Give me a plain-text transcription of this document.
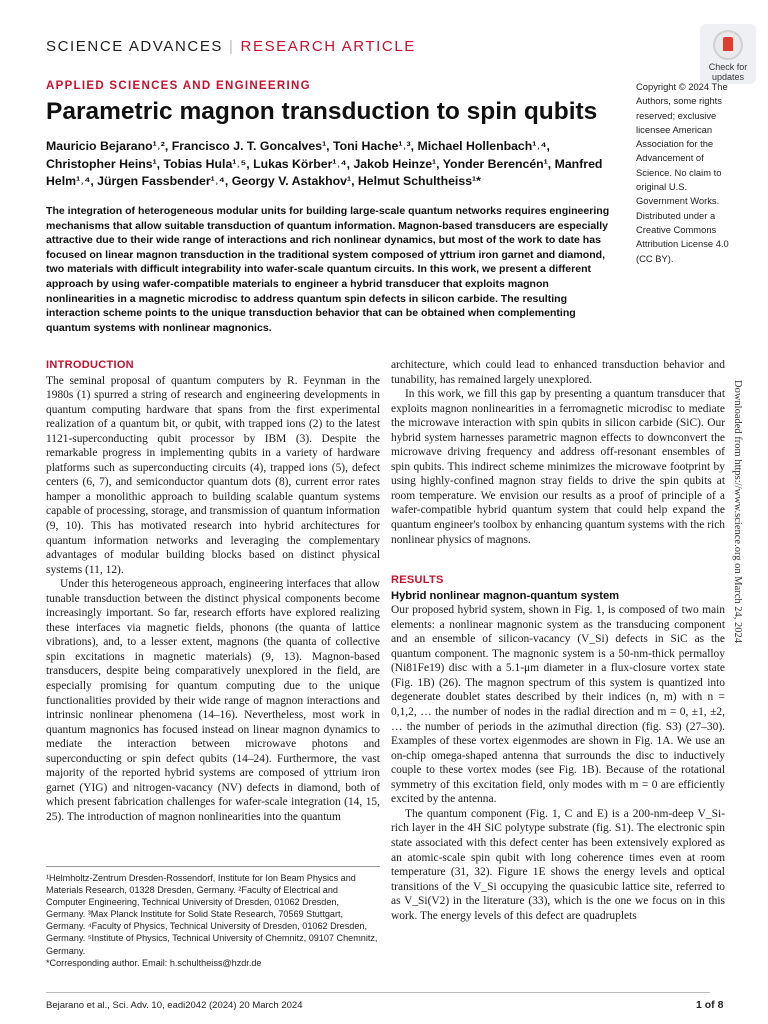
SCIENCE ADVANCES | RESEARCH ARTICLE
Check for
updates
APPLIED SCIENCES AND ENGINEERING
Parametric magnon transduction to spin qubits
Mauricio Bejarano¹˒², Francisco J. T. Goncalves¹, Toni Hache¹˒³, Michael Hollenbach¹˒⁴, Christopher Heins¹, Tobias Hula¹˒⁵, Lukas Körber¹˒⁴, Jakob Heinze¹, Yonder Berencén¹, Manfred Helm¹˒⁴, Jürgen Fassbender¹˒⁴, Georgy V. Astakhov¹, Helmut Schultheiss¹*
Copyright © 2024 The Authors, some rights reserved; exclusive licensee American Association for the Advancement of Science. No claim to original U.S. Government Works. Distributed under a Creative Commons Attribution License 4.0 (CC BY).
The integration of heterogeneous modular units for building large-scale quantum networks requires engineering mechanisms that allow suitable transduction of quantum information. Magnon-based transducers are especially attractive due to their wide range of interactions and rich nonlinear dynamics, but most of the work to date has focused on linear magnon transduction in the traditional system composed of yttrium iron garnet and diamond, two materials with difficult integrability into wafer-scale quantum circuits. In this work, we present a different approach by using wafer-compatible materials to engineer a hybrid transducer that exploits magnon nonlinearities in a magnetic microdisc to address quantum spin defects in silicon carbide. The resulting interaction scheme points to the unique transduction behavior that can be obtained when complementing quantum systems with nonlinear magnonics.
INTRODUCTION

The seminal proposal of quantum computers by R. Feynman in the 1980s (1) spurred a string of research and engineering developments in quantum computing hardware that spans from the first experimental realization of a quantum bit, or qubit, with trapped ions (2) to the latest 1121-superconducting qubit processor by IBM (3). Despite the remarkable progress in implementing qubits in a variety of hardware platforms such as superconducting circuits (4), trapped ions (5), defect centers (6, 7), and semiconductor quantum dots (8), current error rates hamper a monolithic approach to building scalable quantum systems capable of processing, storage, and transmission of quantum information (9, 10). This has motivated research into hybrid architectures for quantum information networks and leveraging the complementary advantages of modular building blocks based on distinct physical systems (11, 12).

Under this heterogeneous approach, engineering interfaces that allow tunable transduction between the distinct physical components become increasingly important. So far, research efforts have explored realizing these interfaces via magnetic fields, phonons (the quanta of lattice vibrations), and, to a lesser extent, magnons (the quanta of collective spin excitations in magnetic materials) (9, 13). Magnon-based transducers, despite being comparatively unexplored in the field, are especially promising for quantum computing due to the unique functionalities provided by their wide range of magnon interactions and intrinsic nonlinear phenomena (14–16). Nevertheless, most work in quantum magnonics has focused instead on linear magnon dynamics to mediate the interaction between microwave photons and superconducting or spin defect qubits (14–24). Furthermore, the vast majority of the reported hybrid systems are composed of yttrium iron garnet (YIG) and nitrogen-vacancy (NV) defects in diamond, both of which present fabrication challenges for wafer-scale integration (14, 15, 25). The introduction of magnon nonlinearities into the quantum

architecture, which could lead to enhanced transduction behavior and tunability, has remained largely unexplored.

In this work, we fill this gap by presenting a quantum transducer that exploits magnon nonlinearities in a ferromagnetic microdisc to mediate the microwave interaction with spin qubits in silicon carbide (SiC). Our hybrid system harnesses parametric magnon effects to downconvert the microwave driving frequency and address off-resonant ensembles of spin qubits. This indirect scheme minimizes the microwave footprint by using highly-confined magnon stray fields to drive the spin qubits at room temperature. We envision our results as a proof of principle of a wafer-compatible hybrid quantum system that could help expand the quantum engineer's toolbox by enhancing quantum systems with the rich nonlinear physics of magnons.

RESULTS
Hybrid nonlinear magnon-quantum system

Our proposed hybrid system, shown in Fig. 1, is composed of two main elements: a nonlinear magnonic system as the transducing component and an ensemble of silicon-vacancy (V_Si) defects in SiC as the quantum component. The magnonic system is a 50-nm-thick permalloy (Ni81Fe19) disc with a 5.1-μm diameter in a flux-closure vortex state (Fig. 1B) (26). The magnon spectrum of this system is quantized into degenerate doublet states described by their indices (n, m) with n = 0,1,2, … the number of nodes in the radial direction and m = 0, ±1, ±2, … the number of periods in the azimuthal direction (fig. S3) (27–30). Examples of these vortex eigenmodes are shown in Fig. 1A. We use an on-chip omega-shaped antenna that surrounds the disc to inductively couple to these vortex modes (see Fig. 1B). Because of the rotational symmetry of this excitation field, only modes with m = 0 are efficiently excited by the antenna.

The quantum component (Fig. 1, C and E) is a 200-nm-deep V_Si-rich layer in the 4H SiC polytype substrate (fig. S1). The electronic spin state associated with this defect center has been extensively explored as an atomic-scale spin qubit with long coherence times even at room temperature (31, 32). Figure 1E shows the energy levels and optical transitions of the V_Si occupying the quasicubic lattice site, referred to as V_Si(V2) in the literature (33), which is the one we focus on in this work. The energy levels of this defect are quadruplets

¹Helmholtz-Zentrum Dresden-Rossendorf, Institute for Ion Beam Physics and Materials Research, 01328 Dresden, Germany. ²Faculty of Electrical and Computer Engineering, Technical University of Dresden, 01062 Dresden, Germany. ³Max Planck Institute for Solid State Research, 70569 Stuttgart, Germany. ⁴Faculty of Physics, Technical University of Dresden, 01062 Dresden, Germany. ⁵Institute of Physics, Technical University of Chemnitz, 09107 Chemnitz, Germany.
*Corresponding author. Email: h.schultheiss@hzdr.de
Downloaded from https://www.science.org on March 24, 2024
Bejarano et al., Sci. Adv. 10, eadi2042 (2024) 20 March 2024	1 of 8
